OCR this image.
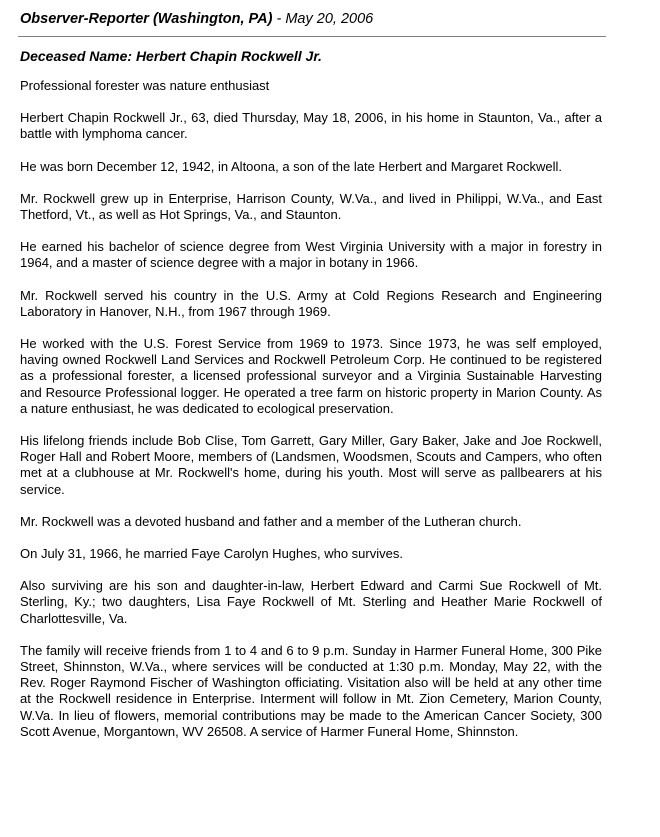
Observer-Reporter (Washington, PA) - May 20, 2006
Deceased Name: Herbert Chapin Rockwell Jr.

Professional forester was nature enthusiast

Herbert Chapin Rockwell Jr., 63, died Thursday, May 18, 2006, in his home in Staunton, Va., after a battle with lymphoma cancer.

He was born December 12, 1942, in Altoona, a son of the late Herbert and Margaret Rockwell.

Mr. Rockwell grew up in Enterprise, Harrison County, W.Va., and lived in Philippi, W.Va., and East Thetford, Vt., as well as Hot Springs, Va., and Staunton.

He earned his bachelor of science degree from West Virginia University with a major in forestry in 1964, and a master of science degree with a major in botany in 1966.

Mr. Rockwell served his country in the U.S. Army at Cold Regions Research and Engineering Laboratory in Hanover, N.H., from 1967 through 1969.

He worked with the U.S. Forest Service from 1969 to 1973. Since 1973, he was self employed, having owned Rockwell Land Services and Rockwell Petroleum Corp. He continued to be registered as a professional forester, a licensed professional surveyor and a Virginia Sustainable Harvesting and Resource Professional logger. He operated a tree farm on historic property in Marion County. As a nature enthusiast, he was dedicated to ecological preservation.

His lifelong friends include Bob Clise, Tom Garrett, Gary Miller, Gary Baker, Jake and Joe Rockwell, Roger Hall and Robert Moore, members of (Landsmen, Woodsmen, Scouts and Campers, who often met at a clubhouse at Mr. Rockwell's home, during his youth. Most will serve as pallbearers at his service.

Mr. Rockwell was a devoted husband and father and a member of the Lutheran church.

On July 31, 1966, he married Faye Carolyn Hughes, who survives.

Also surviving are his son and daughter-in-law, Herbert Edward and Carmi Sue Rockwell of Mt. Sterling, Ky.; two daughters, Lisa Faye Rockwell of Mt. Sterling and Heather Marie Rockwell of Charlottesville, Va.

The family will receive friends from 1 to 4 and 6 to 9 p.m. Sunday in Harmer Funeral Home, 300 Pike Street, Shinnston, W.Va., where services will be conducted at 1:30 p.m. Monday, May 22, with the Rev. Roger Raymond Fischer of Washington officiating. Visitation also will be held at any other time at the Rockwell residence in Enterprise. Interment will follow in Mt. Zion Cemetery, Marion County, W.Va. In lieu of flowers, memorial contributions may be made to the American Cancer Society, 300 Scott Avenue, Morgantown, WV 26508. A service of Harmer Funeral Home, Shinnston.
